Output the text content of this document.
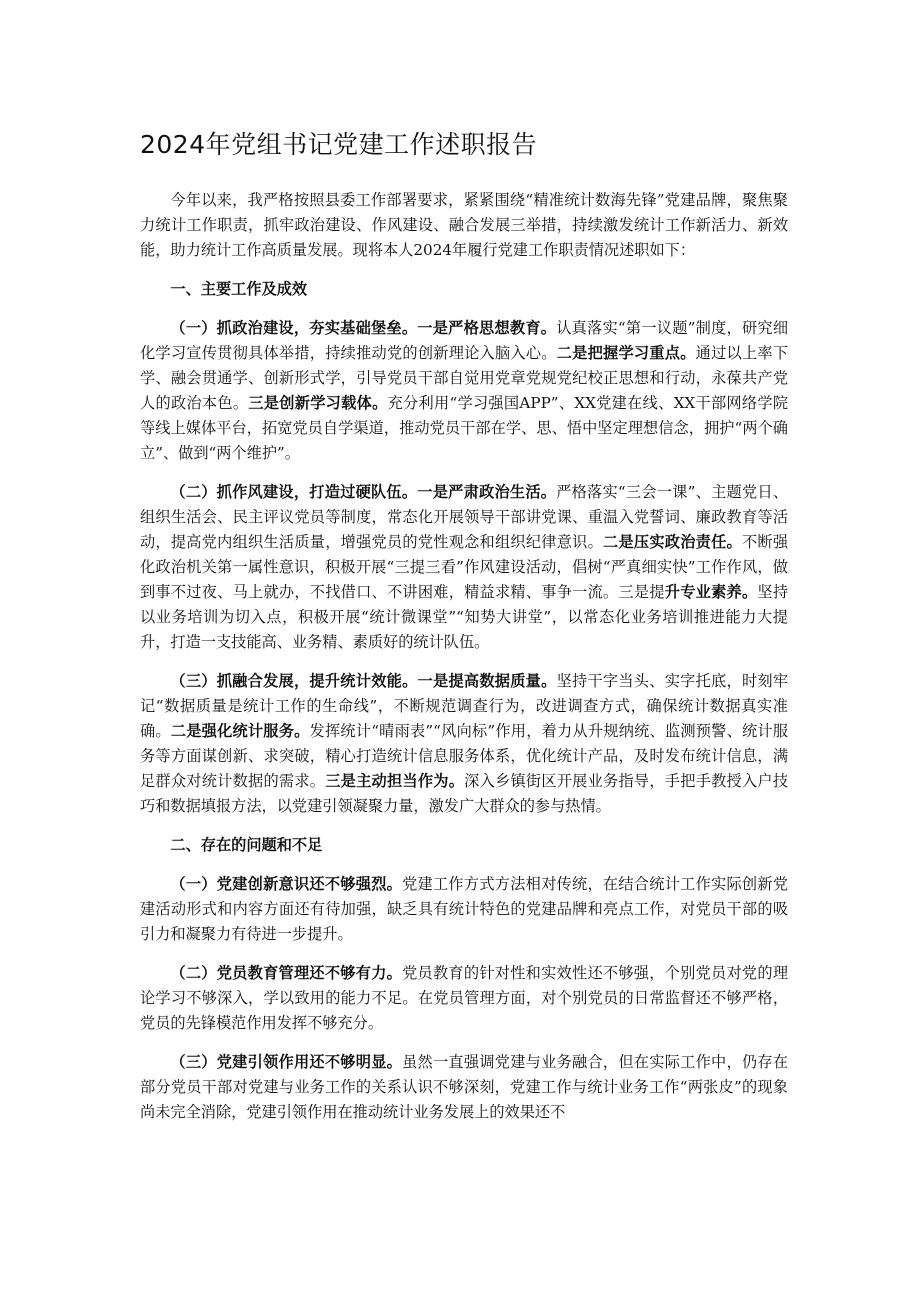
2024年党组书记党建工作述职报告

今年以来，我严格按照县委工作部署要求，紧紧围绕“精准统计数海先锋”党建品牌，聚焦聚力统计工作职责，抓牢政治建设、作风建设、融合发展三举措，持续激发统计工作新活力、新效能，助力统计工作高质量发展。现将本人2024年履行党建工作职责情况述职如下：

一、主要工作及成效

（一）抓政治建设，夯实基础堡垒。一是严格思想教育。认真落实“第一议题”制度，研究细化学习宣传贯彻具体举措，持续推动党的创新理论入脑入心。二是把握学习重点。通过以上率下学、融会贯通学、创新形式学，引导党员干部自觉用党章党规党纪校正思想和行动，永葆共产党人的政治本色。三是创新学习载体。充分利用“学习强国APP”、XX党建在线、XX干部网络学院等线上媒体平台，拓宽党员自学渠道，推动党员干部在学、思、悟中坚定理想信念，拥护“两个确立”、做到“两个维护”。

（二）抓作风建设，打造过硬队伍。一是严肃政治生活。严格落实“三会一课”、主题党日、组织生活会、民主评议党员等制度，常态化开展领导干部讲党课、重温入党誓词、廉政教育等活动，提高党内组织生活质量，增强党员的党性观念和组织纪律意识。二是压实政治责任。不断强化政治机关第一属性意识，积极开展“三提三看”作风建设活动，倡树“严真细实快”工作作风，做到事不过夜、马上就办，不找借口、不讲困难，精益求精、事争一流。三是提升专业素养。坚持以业务培训为切入点，积极开展“统计微课堂”“知势大讲堂”，以常态化业务培训推进能力大提升，打造一支技能高、业务精、素质好的统计队伍。

（三）抓融合发展，提升统计效能。一是提高数据质量。坚持干字当头、实字托底，时刻牢记“数据质量是统计工作的生命线”，不断规范调查行为，改进调查方式，确保统计数据真实准确。二是强化统计服务。发挥统计“晴雨表”“风向标”作用，着力从升规纳统、监测预警、统计服务等方面谋创新、求突破，精心打造统计信息服务体系，优化统计产品，及时发布统计信息，满足群众对统计数据的需求。三是主动担当作为。深入乡镇街区开展业务指导，手把手教授入户技巧和数据填报方法，以党建引领凝聚力量，激发广大群众的参与热情。

二、存在的问题和不足

（一）党建创新意识还不够强烈。党建工作方式方法相对传统，在结合统计工作实际创新党建活动形式和内容方面还有待加强，缺乏具有统计特色的党建品牌和亮点工作，对党员干部的吸引力和凝聚力有待进一步提升。

（二）党员教育管理还不够有力。党员教育的针对性和实效性还不够强，个别党员对党的理论学习不够深入，学以致用的能力不足。在党员管理方面，对个别党员的日常监督还不够严格，党员的先锋模范作用发挥不够充分。

（三）党建引领作用还不够明显。虽然一直强调党建与业务融合，但在实际工作中，仍存在部分党员干部对党建与业务工作的关系认识不够深刻，党建工作与统计业务工作“两张皮”的现象尚未完全消除，党建引领作用在推动统计业务发展上的效果还不
